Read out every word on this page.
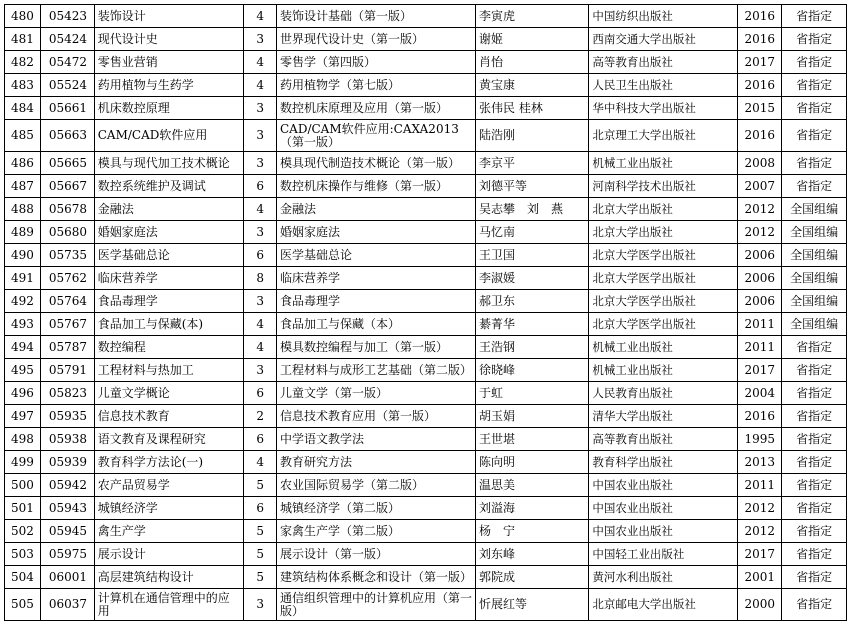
480	05423	装饰设计	4	装饰设计基础（第一版）	李寅虎	中国纺织出版社	2016	省指定
481	05424	现代设计史	3	世界现代设计史（第一版）	谢姬	西南交通大学出版社	2016	省指定
482	05472	零售业营销	4	零售学（第四版）	肖怡	高等教育出版社	2017	省指定
483	05524	药用植物与生药学	4	药用植物学（第七版）	黄宝康	人民卫生出版社	2016	省指定
484	05661	机床数控原理	3	数控机床原理及应用（第一版）	张伟民 桂林	华中科技大学出版社	2015	省指定
485	05663	CAM/CAD软件应用	3	CAD/CAM软件应用:CAXA2013（第一版）	陆浩刚	北京理工大学出版社	2016	省指定
486	05665	模具与现代加工技术概论	3	模具现代制造技术概论（第一版）	李京平	机械工业出版社	2008	省指定
487	05667	数控系统维护及调试	6	数控机床操作与维修（第一版）	刘德平等	河南科学技术出版社	2007	省指定
488	05678	金融法	4	金融法	吴志攀　刘　燕	北京大学出版社	2012	全国组编
489	05680	婚姻家庭法	3	婚姻家庭法	马忆南	北京大学出版社	2012	全国组编
490	05735	医学基础总论	6	医学基础总论	王卫国	北京大学医学出版社	2006	全国组编
491	05762	临床营养学	8	临床营养学	李淑媛	北京大学医学出版社	2006	全国组编
492	05764	食品毒理学	3	食品毒理学	郝卫东	北京大学医学出版社	2006	全国组编
493	05767	食品加工与保藏(本)	4	食品加工与保藏（本）	綦菁华	北京大学医学出版社	2011	全国组编
494	05787	数控编程	4	模具数控编程与加工（第一版）	王浩钢	机械工业出版社	2011	省指定
495	05791	工程材料与热加工	3	工程材料与成形工艺基础（第二版）	徐晓峰	机械工业出版社	2017	省指定
496	05823	儿童文学概论	6	儿童文学（第一版）	于虹	人民教育出版社	2004	省指定
497	05935	信息技术教育	2	信息技术教育应用（第一版）	胡玉娟	清华大学出版社	2016	省指定
498	05938	语文教育及课程研究	6	中学语文教学法	王世堪	高等教育出版社	1995	省指定
499	05939	教育科学方法论(一)	4	教育研究方法	陈向明	教育科学出版社	2013	省指定
500	05942	农产品贸易学	5	农业国际贸易学（第二版）	温思美	中国农业出版社	2011	省指定
501	05943	城镇经济学	6	城镇经济学（第二版）	刘溢海	中国农业出版社	2012	省指定
502	05945	禽生产学	5	家禽生产学（第二版）	杨　宁	中国农业出版社	2012	省指定
503	05975	展示设计	5	展示设计（第一版）	刘东峰	中国轻工业出版社	2017	省指定
504	06001	高层建筑结构设计	5	建筑结构体系概念和设计（第一版）	郭院成	黄河水利出版社	2001	省指定
505	06037	计算机在通信管理中的应用	3	通信组织管理中的计算机应用（第一版）	忻展红等	北京邮电大学出版社	2000	省指定
